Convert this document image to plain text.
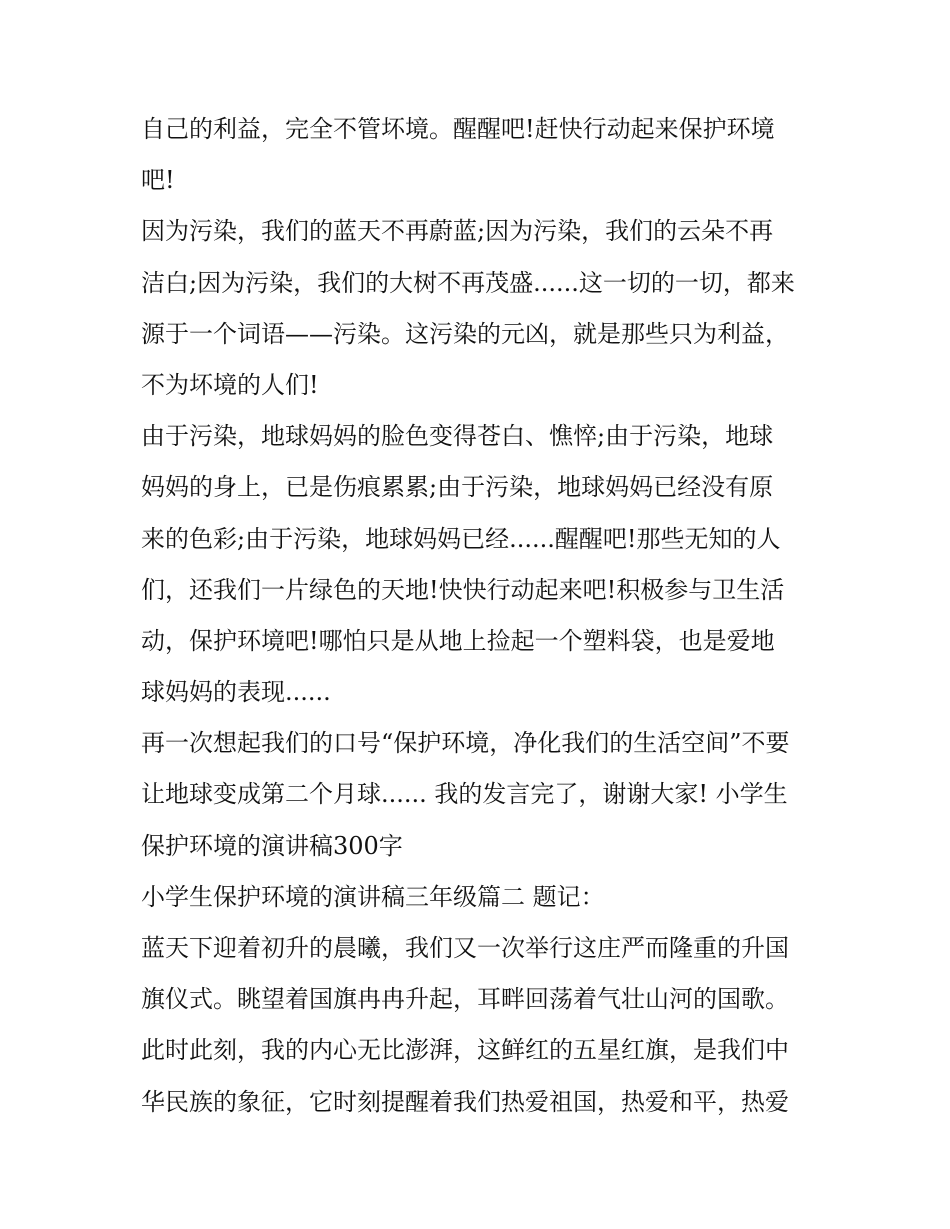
自己的利益，完全不管坏境。醒醒吧!赶快行动起来保护环境
吧!
因为污染，我们的蓝天不再蔚蓝;因为污染，我们的云朵不再
洁白;因为污染，我们的大树不再茂盛......这一切的一切，都来
源于一个词语——污染。这污染的元凶，就是那些只为利益，
不为坏境的人们!
由于污染，地球妈妈的脸色变得苍白、憔悴;由于污染，地球
妈妈的身上，已是伤痕累累;由于污染，地球妈妈已经没有原
来的色彩;由于污染，地球妈妈已经......醒醒吧!那些无知的人
们，还我们一片绿色的天地!快快行动起来吧!积极参与卫生活
动，保护环境吧!哪怕只是从地上捡起一个塑料袋，也是爱地
球妈妈的表现......
再一次想起我们的口号“保护环境，净化我们的生活空间”不要
让地球变成第二个月球...... 我的发言完了，谢谢大家! 小学生
保护环境的演讲稿300字
小学生保护环境的演讲稿三年级篇二 题记：
蓝天下迎着初升的晨曦，我们又一次举行这庄严而隆重的升国
旗仪式。眺望着国旗冉冉升起，耳畔回荡着气壮山河的国歌。
此时此刻，我的内心无比澎湃，这鲜红的五星红旗，是我们中
华民族的象征，它时刻提醒着我们热爱祖国，热爱和平，热爱
